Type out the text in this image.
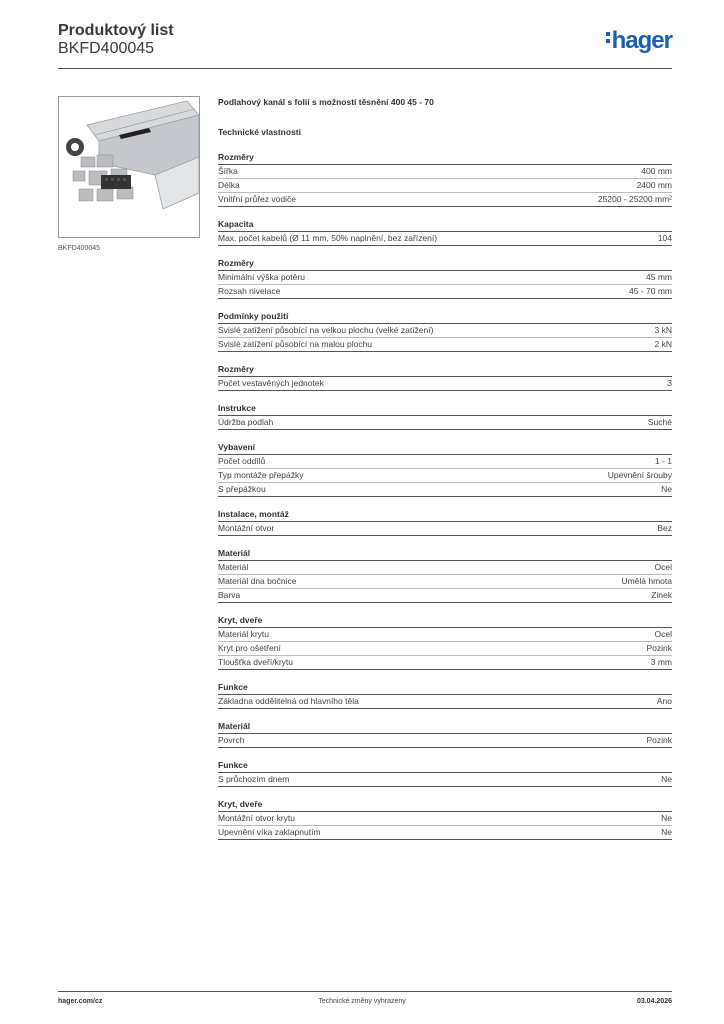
Produktový list
BKFD400045	hager
BKFD400045
Podlahový kanál s folií s možností těsnění 400 45 - 70
Technické vlastnosti
Rozměry
Šířka	400 mm
Délka	2400 mm
Vnitřní průřez vodiče	25200 - 25200 mm²
Kapacita
Max. počet kabelů (Ø 11 mm, 50% naplnění, bez zařízení)	104
Rozměry
Minimální výška potěru	45 mm
Rozsah nivelace	45 - 70 mm
Podmínky použití
Svislé zatížení působící na velkou plochu (velké zatížení)	3 kN
Svislé zatížení působící na malou plochu	2 kN
Rozměry
Počet vestavěných jednotek	3
Instrukce
Údržba podlah	Suché
Vybavení
Počet oddílů	1 - 1
Typ montáže přepážky	Upevnění šrouby
S přepážkou	Ne
Instalace, montáž
Montážní otvor	Bez
Materiál
Materiál	Ocel
Materiál dna bočnice	Umělá hmota
Barva	Zinek
Kryt, dveře
Materiál krytu	Ocel
Kryt pro ošetření	Pozink
Tloušťka dveří/krytu	3 mm
Funkce
Základna oddělitelná od hlavního těla	Ano
Materiál
Povrch	Pozink
Funkce
S průchozím dnem	Ne
Kryt, dveře
Montážní otvor krytu	Ne
Upevnění víka zaklapnutím	Ne
hager.com/cz	Technické změny vyhrazeny	03.04.2026
